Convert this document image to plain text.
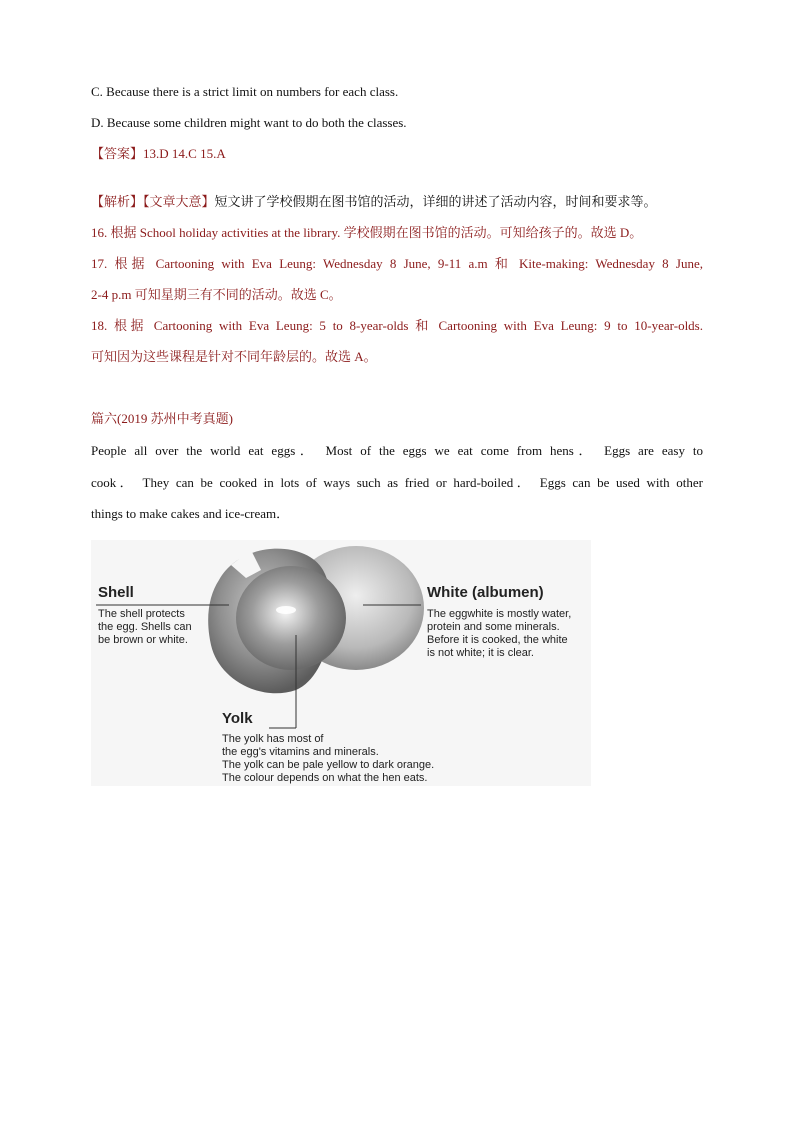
C. Because there is a strict limit on numbers for each class.
D. Because some children might want to do both the classes.
【答案】13.D 14.C 15.A
【解析】【文章大意】短文讲了学校假期在图书馆的活动，详细的讲述了活动内容，时间和要求等。
16. 根据 School holiday activities at the library. 学校假期在图书馆的活动。可知给孩子的。故选 D。
17. 根据 Cartooning with Eva Leung: Wednesday 8 June, 9-11 a.m 和 Kite-making: Wednesday 8 June,
2-4 p.m 可知星期三有不同的活动。故选 C。
18. 根据 Cartooning with Eva Leung: 5 to 8-year-olds 和 Cartooning with Eva Leung: 9 to 10-year-olds.
可知因为这些课程是针对不同年龄层的。故选 A。
篇六(2019 苏州中考真题)
People all over the world eat eggs． Most of the eggs we eat come from hens． Eggs are easy to
cook． They can be cooked in lots of ways such as fried or hard-boiled． Eggs can be used with other
things to make cakes and ice-cream．
Shell
The shell protects
the egg. Shells can
be brown or white.
White (albumen)
The eggwhite is mostly water,
protein and some minerals.
Before it is cooked, the white
is not white; it is clear.
Yolk
The yolk has most of
the egg's vitamins and minerals.
The yolk can be pale yellow to dark orange.
The colour depends on what the hen eats.
